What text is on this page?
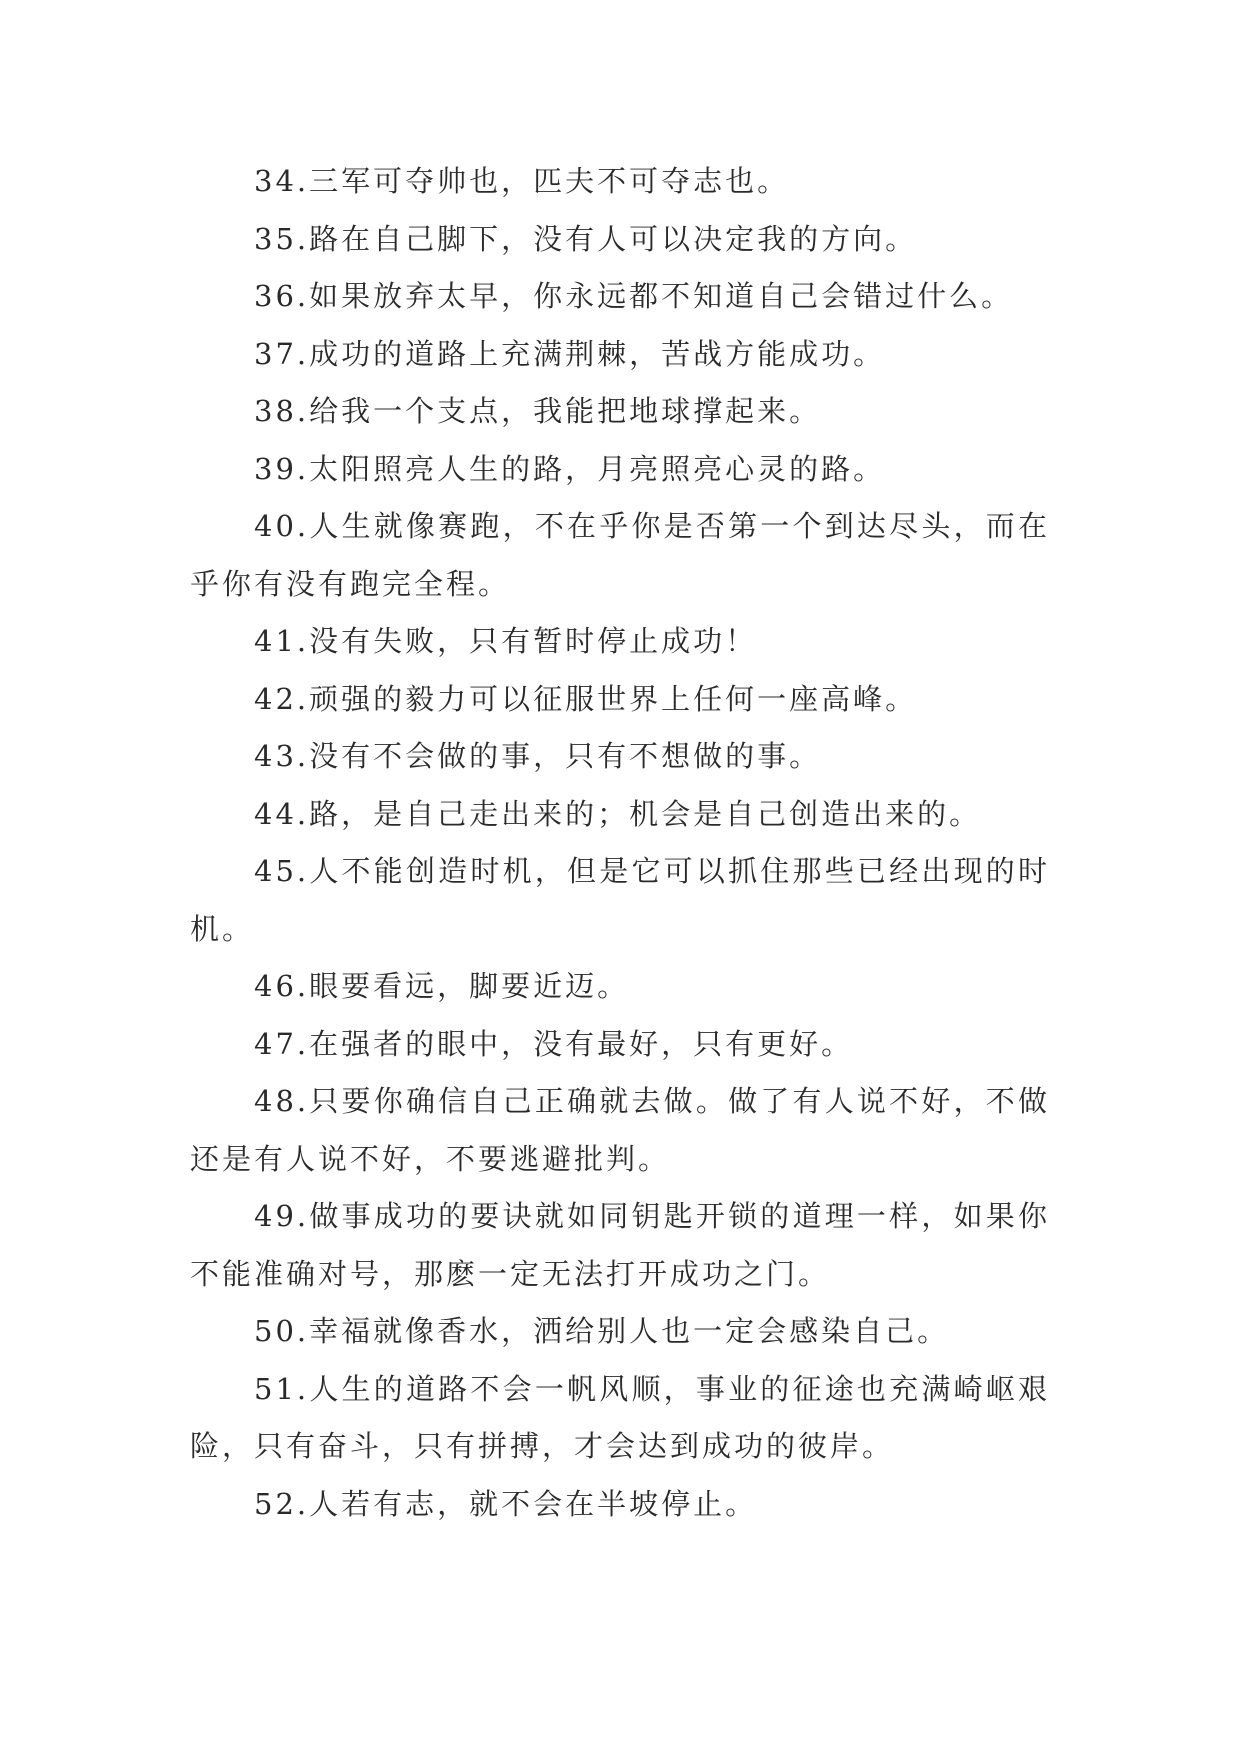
34.三军可夺帅也，匹夫不可夺志也。

35.路在自己脚下，没有人可以决定我的方向。

36.如果放弃太早，你永远都不知道自己会错过什么。

37.成功的道路上充满荆棘，苦战方能成功。

38.给我一个支点，我能把地球撑起来。

39.太阳照亮人生的路，月亮照亮心灵的路。

40.人生就像赛跑，不在乎你是否第一个到达尽头，而在乎你有没有跑完全程。

41.没有失败，只有暂时停止成功！

42.顽强的毅力可以征服世界上任何一座高峰。

43.没有不会做的事，只有不想做的事。

44.路，是自己走出来的；机会是自己创造出来的。

45.人不能创造时机，但是它可以抓住那些已经出现的时机。

46.眼要看远，脚要近迈。

47.在强者的眼中，没有最好，只有更好。

48.只要你确信自己正确就去做。做了有人说不好，不做还是有人说不好，不要逃避批判。

49.做事成功的要诀就如同钥匙开锁的道理一样，如果你不能准确对号，那麽一定无法打开成功之门。

50.幸福就像香水，洒给别人也一定会感染自己。

51.人生的道路不会一帆风顺，事业的征途也充满崎岖艰险，只有奋斗，只有拼搏，才会达到成功的彼岸。

52.人若有志，就不会在半坡停止。
